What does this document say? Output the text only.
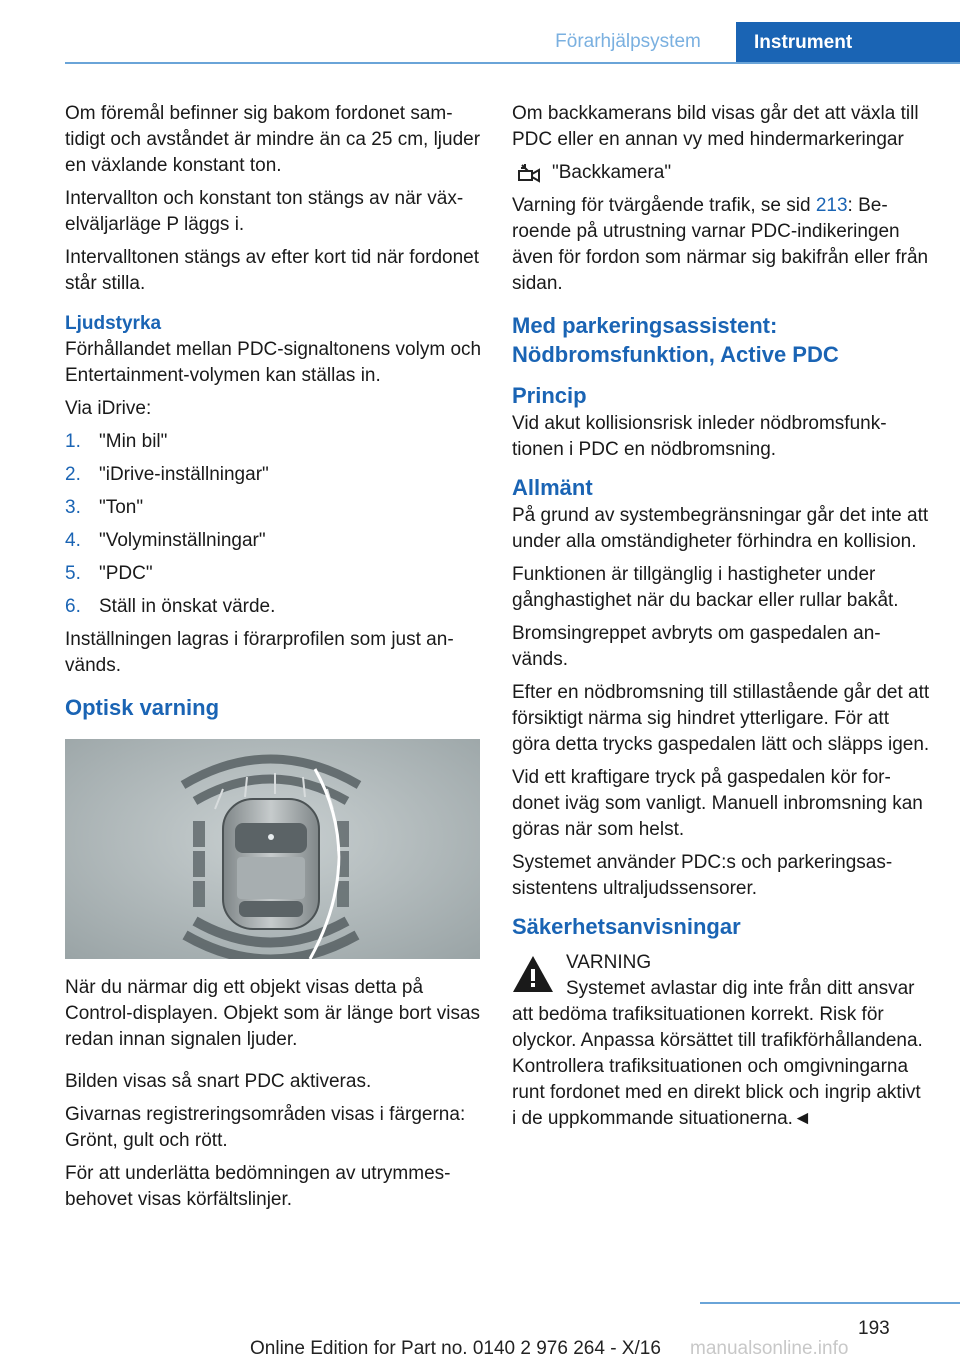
Förarhjälpsystem	Instrument

Om föremål befinner sig bakom fordonet samtidigt och avståndet är mindre än ca 25 cm, ljuder en växlande konstant ton.

Intervallton och konstant ton stängs av när växelväljarläge P läggs i.

Intervalltonen stängs av efter kort tid när fordonet står stilla.

Ljudstyrka

Förhållandet mellan PDC-signaltonens volym och Entertainment-volymen kan ställas in.

Via iDrive:

1. "Min bil"
2. "iDrive-inställningar"
3. "Ton"
4. "Volyminställningar"
5. "PDC"
6. Ställ in önskat värde.

Inställningen lagras i förarprofilen som just används.

Optisk varning

När du närmar dig ett objekt visas detta på Control-displayen. Objekt som är länge bort visas redan innan signalen ljuder.

Bilden visas så snart PDC aktiveras.

Givarnas registreringsområden visas i färgerna: Grönt, gult och rött.

För att underlätta bedömningen av utrymmesbehovet visas körfältslinjer.

Om backkamerans bild visas går det att växla till PDC eller en annan vy med hindermarkeringar

"Backkamera"

Varning för tvärgående trafik, se sid 213: Beroende på utrustning varnar PDC-indikeringen även för fordon som närmar sig bakifrån eller från sidan.

Med parkeringsassistent: Nödbromsfunktion, Active PDC
Princip

Vid akut kollisionsrisk inleder nödbromsfunktionen i PDC en nödbromsning.

Allmänt

På grund av systembegränsningar går det inte att under alla omständigheter förhindra en kollision.

Funktionen är tillgänglig i hastigheter under gånghastighet när du backar eller rullar bakåt.

Bromsingreppet avbryts om gaspedalen används.

Efter en nödbromsning till stillastående går det att försiktigt närma sig hindret ytterligare. För att göra detta trycks gaspedalen lätt och släpps igen.

Vid ett kraftigare tryck på gaspedalen kör fordonet iväg som vanligt. Manuell inbromsning kan göras när som helst.

Systemet använder PDC:s och parkeringsassistentens ultraljudssensorer.

Säkerhetsanvisningar
VARNING
Systemet avlastar dig inte från ditt ansvar att bedöma trafiksituationen korrekt. Risk för olyckor. Anpassa körsättet till trafikförhållandena. Kontrollera trafiksituationen och omgivningarna runt fordonet med en direkt blick och ingrip aktivt i de uppkommande situationerna.◄
193
Online Edition for Part no. 0140 2 976 264 - X/16 manualsonline.info
